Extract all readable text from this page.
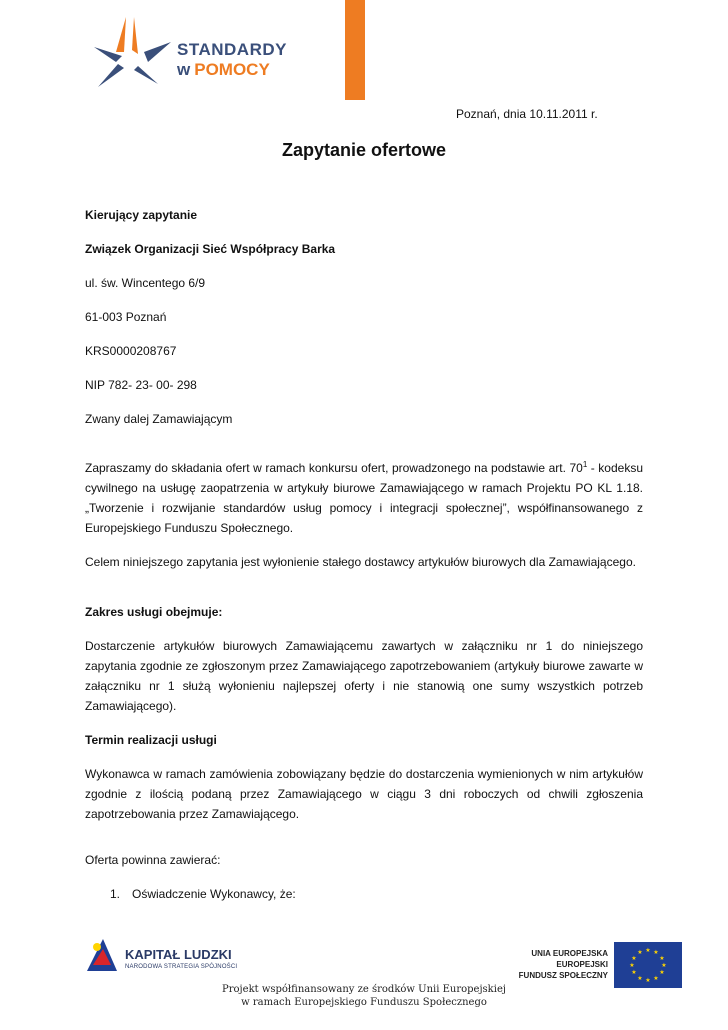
STANDARDY
w POMOCY
Poznań, dnia 10.11.2011 r.
Zapytanie ofertowe

Kierujący zapytanie

Związek Organizacji Sieć Współpracy Barka

ul. św. Wincentego 6/9

61-003 Poznań

KRS0000208767

NIP 782- 23- 00- 298

Zwany dalej Zamawiającym

Zapraszamy do składania ofert w ramach konkursu ofert, prowadzonego na podstawie art. $70^1$ - kodeksu cywilnego na usługę zaopatrzenia w artykuły biurowe Zamawiającego w ramach Projektu PO KL 1.18. „Tworzenie i rozwijanie standardów usług pomocy i integracji społecznej”, współfinansowanego z Europejskiego Funduszu Społecznego.

Celem niniejszego zapytania jest wyłonienie stałego dostawcy artykułów biurowych dla Zamawiającego.

Zakres usługi obejmuje:

Dostarczenie artykułów biurowych Zamawiającemu zawartych w załączniku nr 1 do niniejszego zapytania zgodnie ze zgłoszonym przez Zamawiającego zapotrzebowaniem (artykuły biurowe zawarte w załączniku nr 1 służą wyłonieniu najlepszej oferty i nie stanowią one sumy wszystkich potrzeb Zamawiającego).

Termin realizacji usługi

Wykonawca w ramach zamówienia zobowiązany będzie do dostarczenia wymienionych w nim artykułów zgodnie z ilością podaną przez Zamawiającego w ciągu 3 dni roboczych od chwili zgłoszenia zapotrzebowania przez Zamawiającego.

Oferta powinna zawierać:

1. Oświadczenie Wykonawcy, że:

KAPITAŁ LUDZKI
NARODOWA STRATEGIA SPÓJNOŚCI
UNIA EUROPEJSKA
EUROPEJSKI
FUNDUSZ SPOŁECZNY
★ ★
★
★
★
★
★
★
★
★
★
★
Projekt współfinansowany ze środków Unii Europejskiej
w ramach Europejskiego Funduszu Społecznego
